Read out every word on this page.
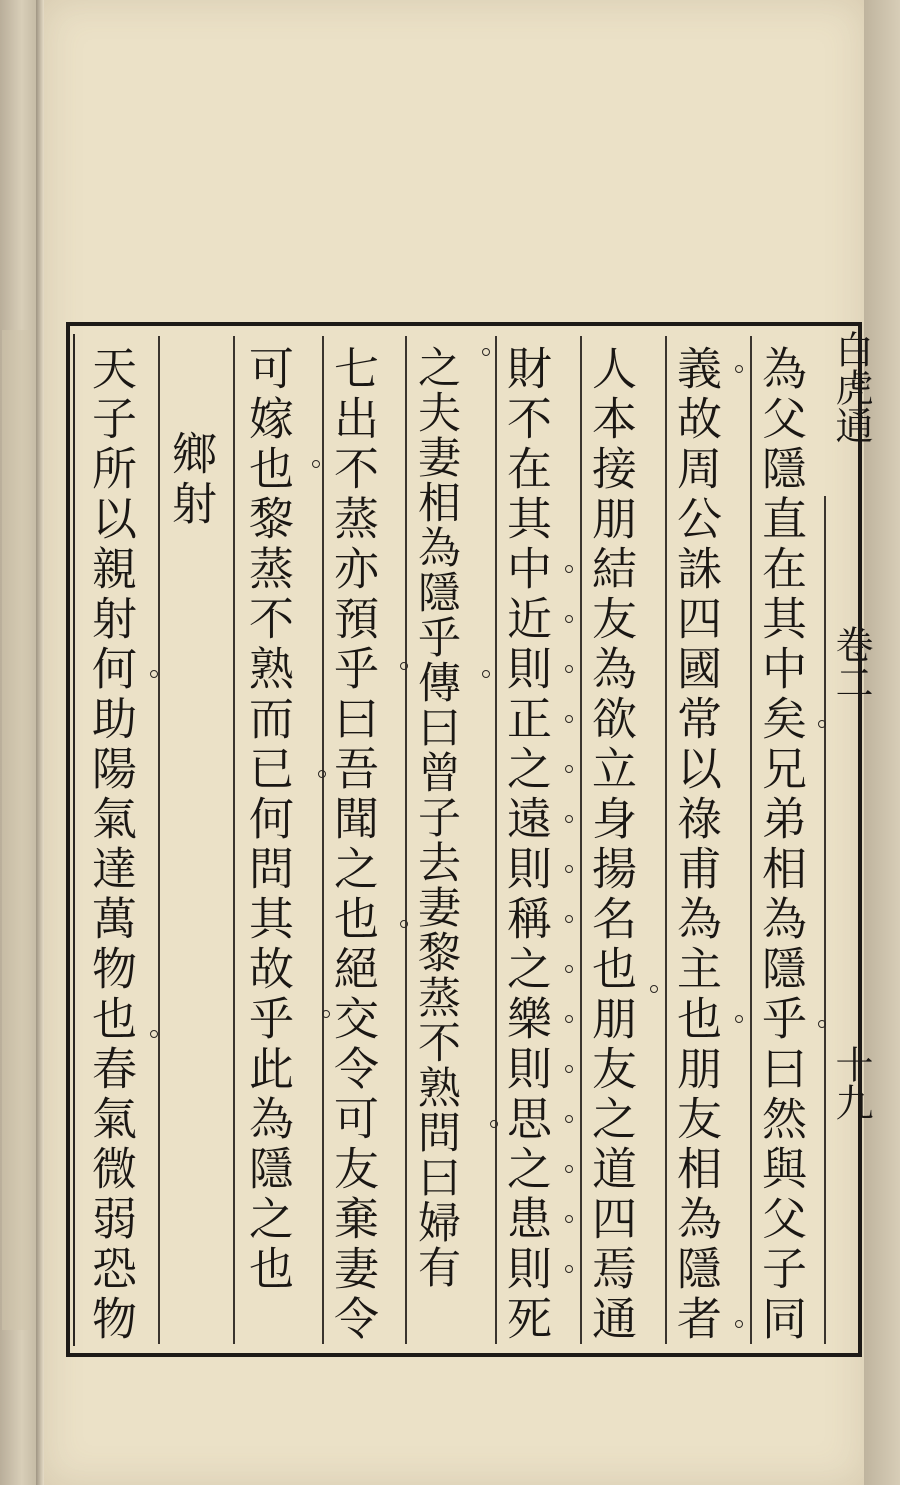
白虎通
卷二
十九
為父隱直在其中矣兄弟相為隱乎曰然與父子同
義故周公誅四國常以祿甫為主也朋友相為隱者
人本接朋結友為欲立身揚名也朋友之道四焉通
財不在其中近則正之遠則稱之樂則思之患則死
之夫妻相為隱乎傳曰曾子去妻黎蒸不熟問曰婦有
七出不蒸亦預乎曰吾聞之也絕交令可友棄妻令
可嫁也黎蒸不熟而已何問其故乎此為隱之也
鄉射
天子所以親射何助陽氣達萬物也春氣微弱恐物
